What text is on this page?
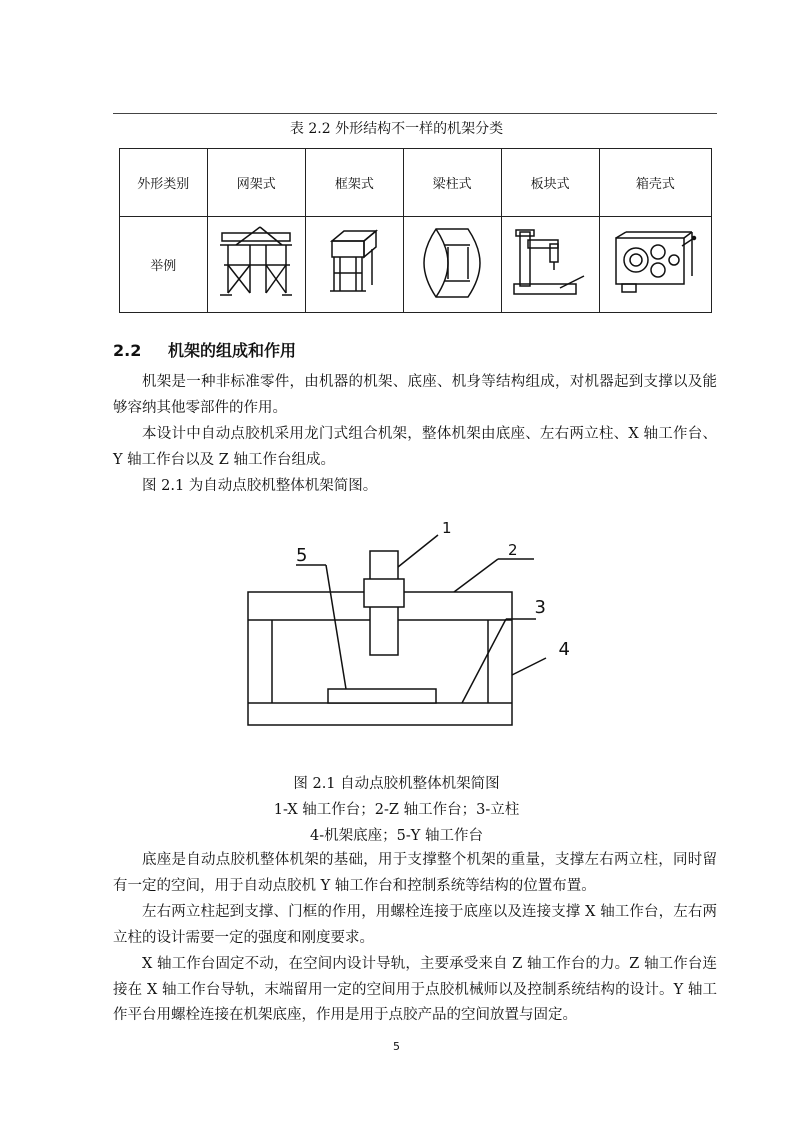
表 2.2 外形结构不一样的机架分类
外形类别	网架式	框架式	梁柱式	板块式	箱壳式
举例					
2.2 机架的组成和作用

机架是一种非标准零件，由机器的机架、底座、机身等结构组成，对机器起到支撑以及能够容纳其他零部件的作用。

本设计中自动点胶机采用龙门式组合机架，整体机架由底座、左右两立柱、X 轴工作台、Y 轴工作台以及 Z 轴工作台组成。

图 2.1 为自动点胶机整体机架简图。

1
2
3
4
5
图 2.1 自动点胶机整体机架简图
1-X 轴工作台；2-Z 轴工作台；3-立柱
4-机架底座；5-Y 轴工作台

底座是自动点胶机整体机架的基础，用于支撑整个机架的重量，支撑左右两立柱，同时留有一定的空间，用于自动点胶机 Y 轴工作台和控制系统等结构的位置布置。

左右两立柱起到支撑、门框的作用，用螺栓连接于底座以及连接支撑 X 轴工作台，左右两立柱的设计需要一定的强度和刚度要求。

X 轴工作台固定不动，在空间内设计导轨，主要承受来自 Z 轴工作台的力。Z 轴工作台连接在 X 轴工作台导轨，末端留用一定的空间用于点胶机械师以及控制系统结构的设计。Y 轴工作平台用螺栓连接在机架底座，作用是用于点胶产品的空间放置与固定。

5
